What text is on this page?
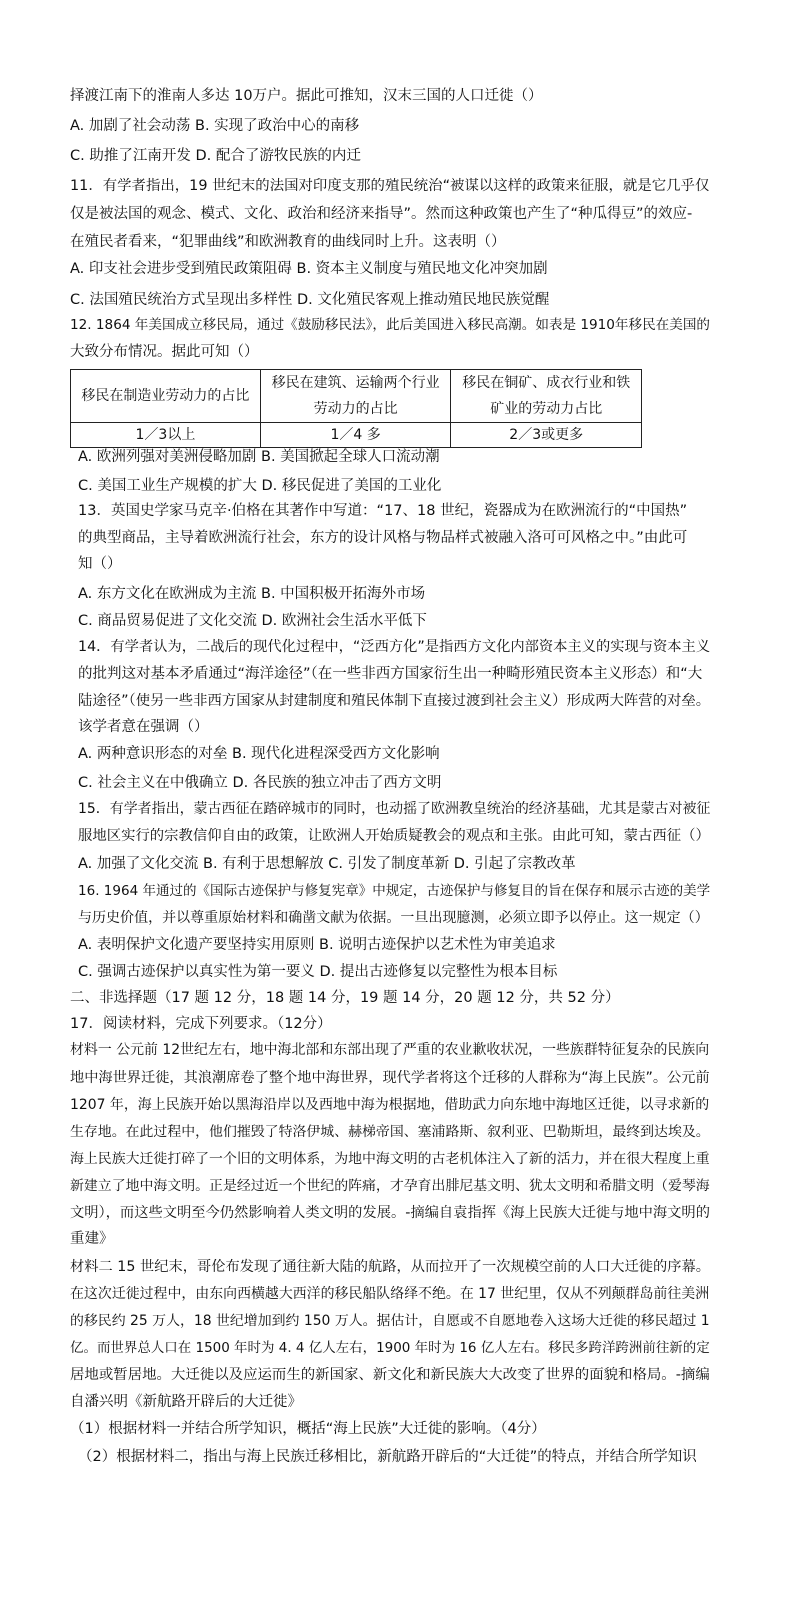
择渡江南下的淮南人多达 10万户。据此可推知，汉末三国的人口迁徙（）
A. 加剧了社会动荡 B. 实现了政治中心的南移
C. 助推了江南开发 D. 配合了游牧民族的内迁
11．有学者指出，19 世纪末的法国对印度支那的殖民统治“被谋以这样的政策来征服，就是它几乎仅
仅是被法国的观念、模式、文化、政治和经济来指导”。然而这种政策也产生了“种瓜得豆”的效应-
在殖民者看来，“犯罪曲线”和欧洲教育的曲线同时上升。这表明（）
A. 印支社会进步受到殖民政策阻碍 B. 资本主义制度与殖民地文化冲突加剧
C. 法国殖民统治方式呈现出多样性 D. 文化殖民客观上推动殖民地民族觉醒
12. 1864 年美国成立移民局，通过《鼓励移民法》，此后美国进入移民高潮。如表是 1910年移民在美国的
大致分布情况。据此可知（）
移民在制造业劳动力的占比	移民在建筑、运输两个行业劳动力的占比	移民在铜矿、成衣行业和铁矿业的劳动力占比
1／3以上	1／4 多	2／3或更多
A. 欧洲列强对美洲侵略加剧 B. 美国掀起全球人口流动潮
C. 美国工业生产规模的扩大 D. 移民促进了美国的工业化
13．英国史学家马克辛·伯格在其著作中写道：“17、18 世纪，瓷器成为在欧洲流行的“中国热”
的典型商品，主导着欧洲流行社会，东方的设计风格与物品样式被融入洛可可风格之中。”由此可
知（）
A. 东方文化在欧洲成为主流 B. 中国积极开拓海外市场
C. 商品贸易促进了文化交流 D. 欧洲社会生活水平低下
14．有学者认为，二战后的现代化过程中，“泛西方化”是指西方文化内部资本主义的实现与资本主义
的批判这对基本矛盾通过“海洋途径”（在一些非西方国家衍生出一种畸形殖民资本主义形态）和“大
陆途径”（使另一些非西方国家从封建制度和殖民体制下直接过渡到社会主义）形成两大阵营的对垒。
该学者意在强调（）
A. 两种意识形态的对垒 B. 现代化进程深受西方文化影响
C. 社会主义在中俄确立 D. 各民族的独立冲击了西方文明
15．有学者指出，蒙古西征在踏碎城市的同时，也动摇了欧洲教皇统治的经济基础，尤其是蒙古对被征
服地区实行的宗教信仰自由的政策，让欧洲人开始质疑教会的观点和主张。由此可知，蒙古西征（）
A. 加强了文化交流 B. 有利于思想解放 C. 引发了制度革新 D. 引起了宗教改革
16. 1964 年通过的《国际古迹保护与修复宪章》中规定，古迹保护与修复目的旨在保存和展示古迹的美学
与历史价值，并以尊重原始材料和确凿文献为依据。一旦出现臆测，必须立即予以停止。这一规定（）
A. 表明保护文化遗产要坚持实用原则 B. 说明古迹保护以艺术性为审美追求
C. 强调古迹保护以真实性为第一要义 D. 提出古迹修复以完整性为根本目标
二、非选择题（17 题 12 分，18 题 14 分，19 题 14 分，20 题 12 分，共 52 分）
17．阅读材料，完成下列要求。（12分）
材料一 公元前 12世纪左右，地中海北部和东部出现了严重的农业歉收状况，一些族群特征复杂的民族向
地中海世界迁徙，其浪潮席卷了整个地中海世界，现代学者将这个迁移的人群称为“海上民族”。公元前
1207 年，海上民族开始以黑海沿岸以及西地中海为根据地，借助武力向东地中海地区迁徙，以寻求新的
生存地。在此过程中，他们摧毁了特洛伊城、赫梯帝国、塞浦路斯、叙利亚、巴勒斯坦，最终到达埃及。
海上民族大迁徙打碎了一个旧的文明体系，为地中海文明的古老机体注入了新的活力，并在很大程度上重
新建立了地中海文明。正是经过近一个世纪的阵痛，才孕育出腓尼基文明、犹太文明和希腊文明（爱琴海
文明），而这些文明至今仍然影响着人类文明的发展。-摘编自袁指挥《海上民族大迁徙与地中海文明的
重建》
材料二 15 世纪末，哥伦布发现了通往新大陆的航路，从而拉开了一次规模空前的人口大迁徙的序幕。
在这次迁徙过程中，由东向西横越大西洋的移民船队络绎不绝。在 17 世纪里，仅从不列颠群岛前往美洲
的移民约 25 万人，18 世纪增加到约 150 万人。据估计，自愿或不自愿地卷入这场大迁徙的移民超过 1
亿。而世界总人口在 1500 年时为 4. 4 亿人左右，1900 年时为 16 亿人左右。移民多跨洋跨洲前往新的定
居地或暂居地。大迁徙以及应运而生的新国家、新文化和新民族大大改变了世界的面貌和格局。-摘编
自潘兴明《新航路开辟后的大迁徙》
（1）根据材料一并结合所学知识，概括“海上民族”大迁徙的影响。（4分）
（2）根据材料二，指出与海上民族迁移相比，新航路开辟后的“大迁徙”的特点，并结合所学知识
